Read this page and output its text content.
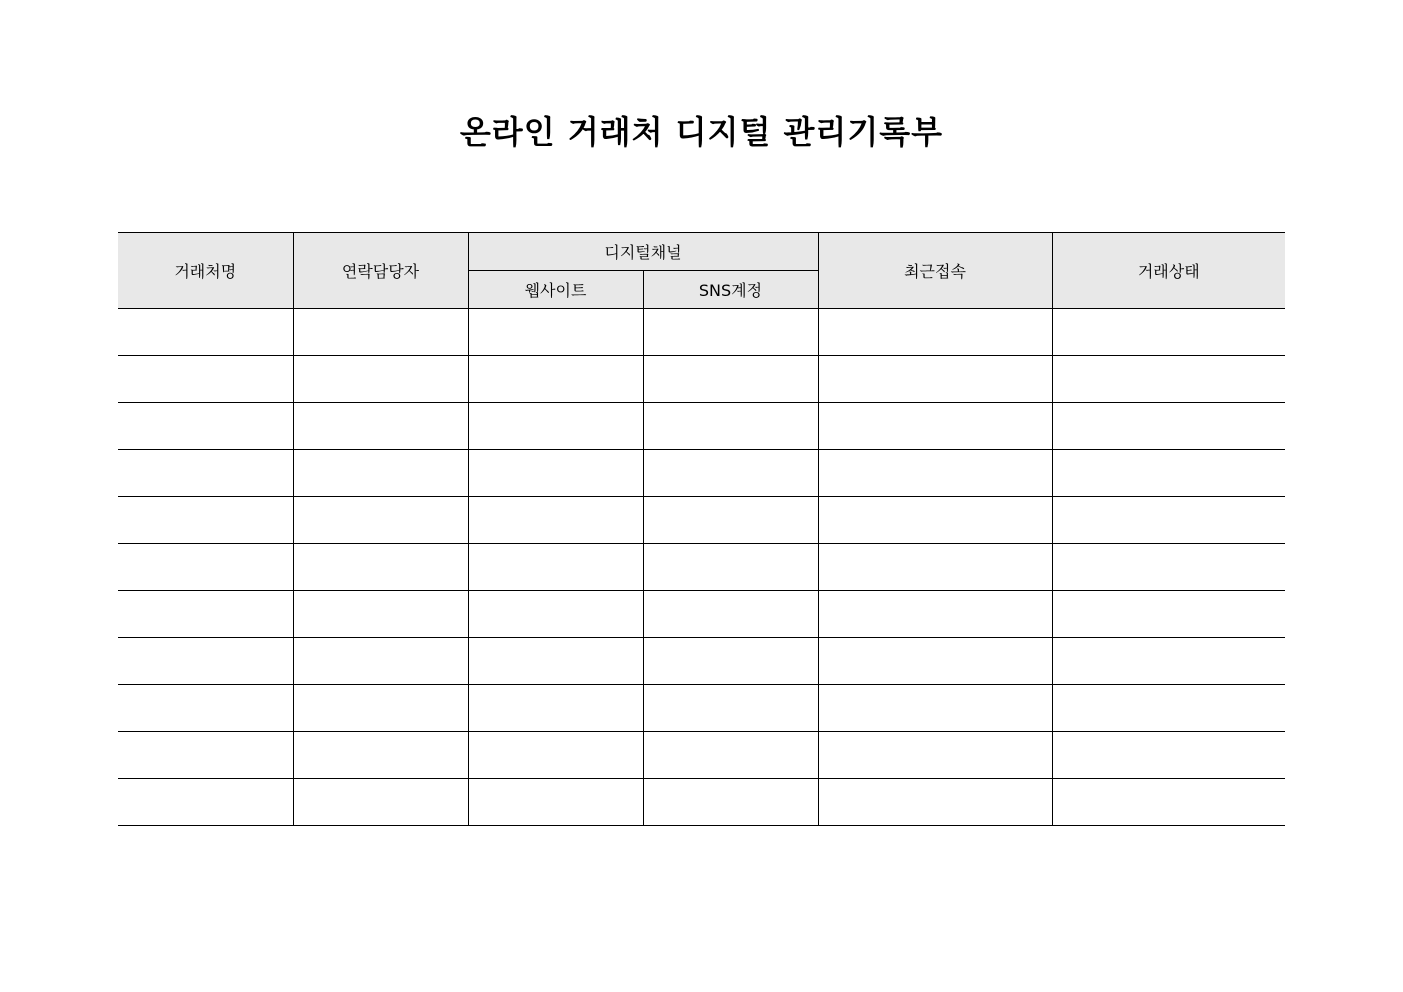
온라인 거래처 디지털 관리기록부
거래처명	연락담당자	디지털채널		최근접속	거래상태
		웹사이트	SNS계정		
